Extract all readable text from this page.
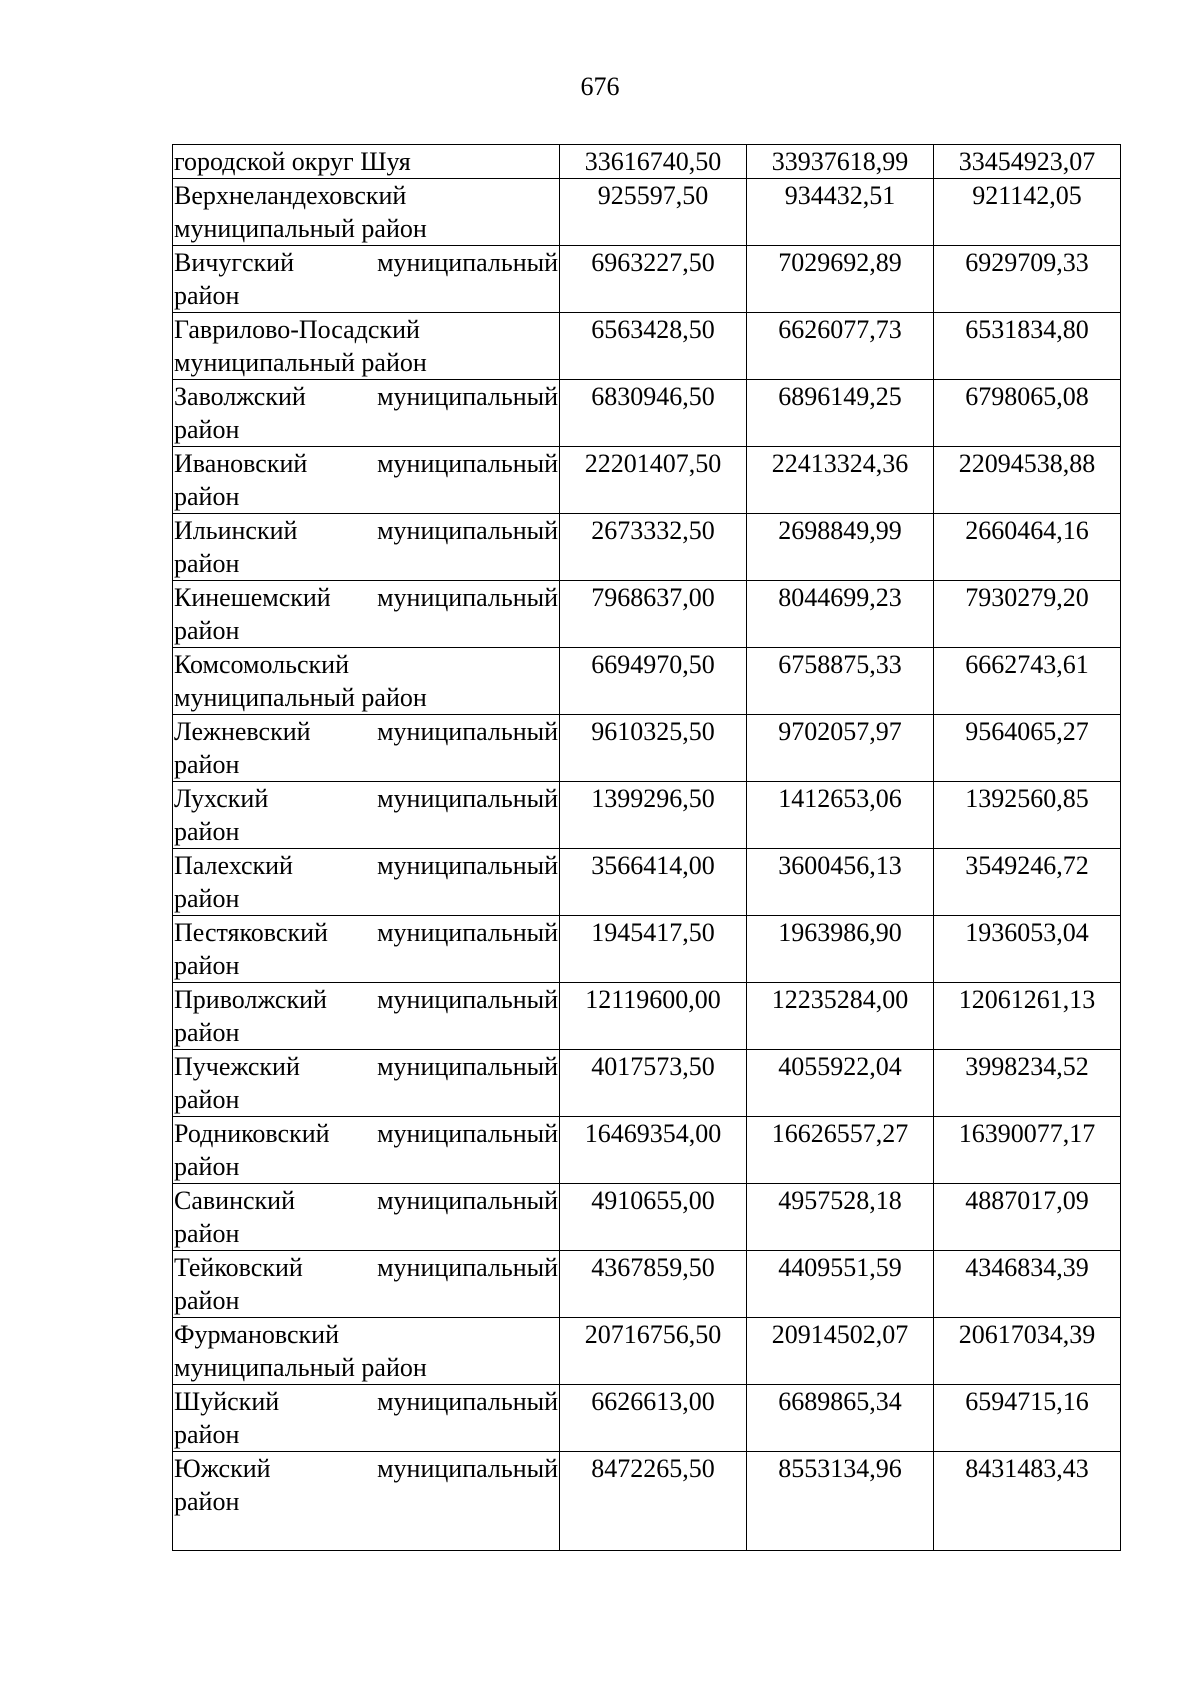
676
городской округ Шуя	33616740,50	33937618,99	33454923,07

Верхнеландеховский
муниципальный район	925597,50	934432,51	921142,05

Вичугский муниципальный
район	6963227,50	7029692,89	6929709,33

Гаврилово-Посадский
муниципальный район	6563428,50	6626077,73	6531834,80

Заволжский муниципальный
район	6830946,50	6896149,25	6798065,08

Ивановский муниципальный
район	22201407,50	22413324,36	22094538,88

Ильинский муниципальный
район	2673332,50	2698849,99	2660464,16

Кинешемский муниципальный
район	7968637,00	8044699,23	7930279,20

Комсомольский
муниципальный район	6694970,50	6758875,33	6662743,61

Лежневский муниципальный
район	9610325,50	9702057,97	9564065,27

Лухский муниципальный
район	1399296,50	1412653,06	1392560,85

Палехский муниципальный
район	3566414,00	3600456,13	3549246,72

Пестяковский муниципальный
район	1945417,50	1963986,90	1936053,04

Приволжский муниципальный
район	12119600,00	12235284,00	12061261,13

Пучежский муниципальный
район	4017573,50	4055922,04	3998234,52

Родниковский муниципальный
район	16469354,00	16626557,27	16390077,17

Савинский муниципальный
район	4910655,00	4957528,18	4887017,09

Тейковский муниципальный
район	4367859,50	4409551,59	4346834,39

Фурмановский
муниципальный район	20716756,50	20914502,07	20617034,39

Шуйский муниципальный
район	6626613,00	6689865,34	6594715,16

Южский муниципальный
район	8472265,50	8553134,96	8431483,43
